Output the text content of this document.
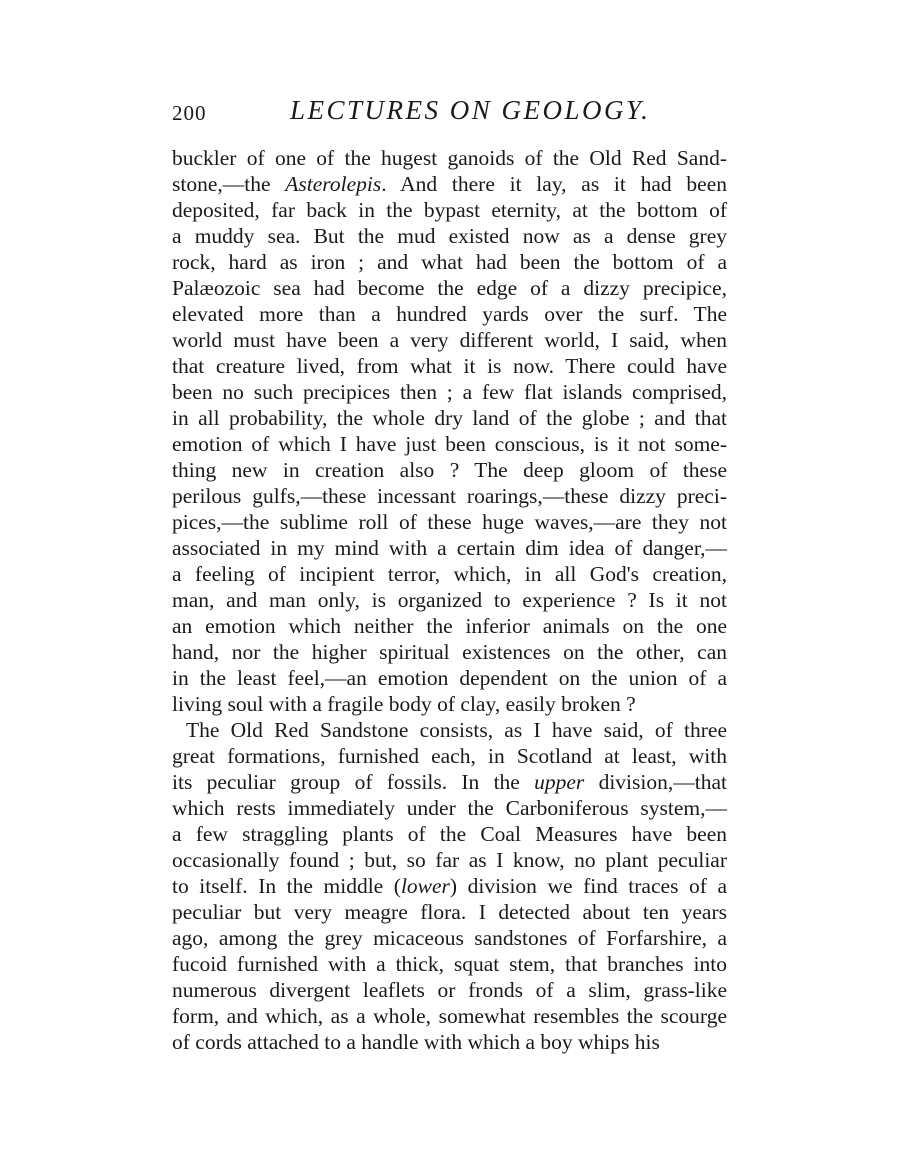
200	LECTURES ON GEOLOGY.
buckler of one of the hugest ganoids of the Old Red Sand-
stone,—the Asterolepis. And there it lay, as it had been
deposited, far back in the bypast eternity, at the bottom of
a muddy sea. But the mud existed now as a dense grey
rock, hard as iron ; and what had been the bottom of a
Palæozoic sea had become the edge of a dizzy precipice,
elevated more than a hundred yards over the surf. The
world must have been a very different world, I said, when
that creature lived, from what it is now. There could have
been no such precipices then ; a few flat islands comprised,
in all probability, the whole dry land of the globe ; and that
emotion of which I have just been conscious, is it not some-
thing new in creation also ? The deep gloom of these
perilous gulfs,—these incessant roarings,—these dizzy preci-
pices,—the sublime roll of these huge waves,—are they not
associated in my mind with a certain dim idea of danger,—
a feeling of incipient terror, which, in all God's creation,
man, and man only, is organized to experience ? Is it not
an emotion which neither the inferior animals on the one
hand, nor the higher spiritual existences on the other, can
in the least feel,—an emotion dependent on the union of a
living soul with a fragile body of clay, easily broken ?
The Old Red Sandstone consists, as I have said, of three
great formations, furnished each, in Scotland at least, with
its peculiar group of fossils. In the upper division,—that
which rests immediately under the Carboniferous system,—
a few straggling plants of the Coal Measures have been
occasionally found ; but, so far as I know, no plant peculiar
to itself. In the middle (lower) division we find traces of a
peculiar but very meagre flora. I detected about ten years
ago, among the grey micaceous sandstones of Forfarshire, a
fucoid furnished with a thick, squat stem, that branches into
numerous divergent leaflets or fronds of a slim, grass-like
form, and which, as a whole, somewhat resembles the scourge
of cords attached to a handle with which a boy whips his
